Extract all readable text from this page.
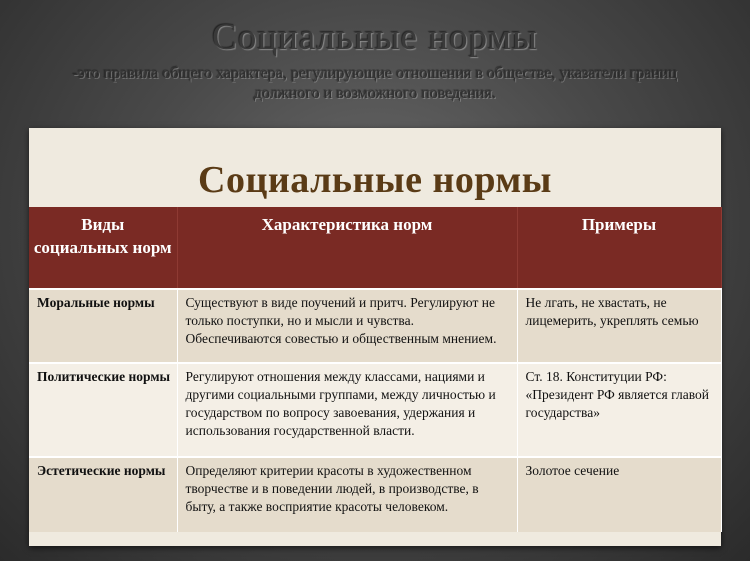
Социальные нормы
-это правила общего характера, регулирующие отношения в обществе, указатели границ должного и возможного поведения.
Социальные нормы
Виды социальных норм	Характеристика норм	Примеры
Моральные нормы	Существуют в виде поучений и притч. Регулируют не только поступки, но и мысли и чувства. Обеспечиваются совестью и общественным мнением.	Не лгать, не хвастать, не лицемерить, укреплять семью
Политические нормы	Регулируют отношения между классами, нациями и другими социальными группами, между личностью и государством по вопросу завоевания, удержания и использования государственной власти.	Ст. 18. Конституции РФ: «Президент РФ является главой государства»
Эстетические нормы	Определяют критерии красоты в художественном творчестве и в поведении людей, в производстве, в быту, а также восприятие красоты человеком.	Золотое сечение
